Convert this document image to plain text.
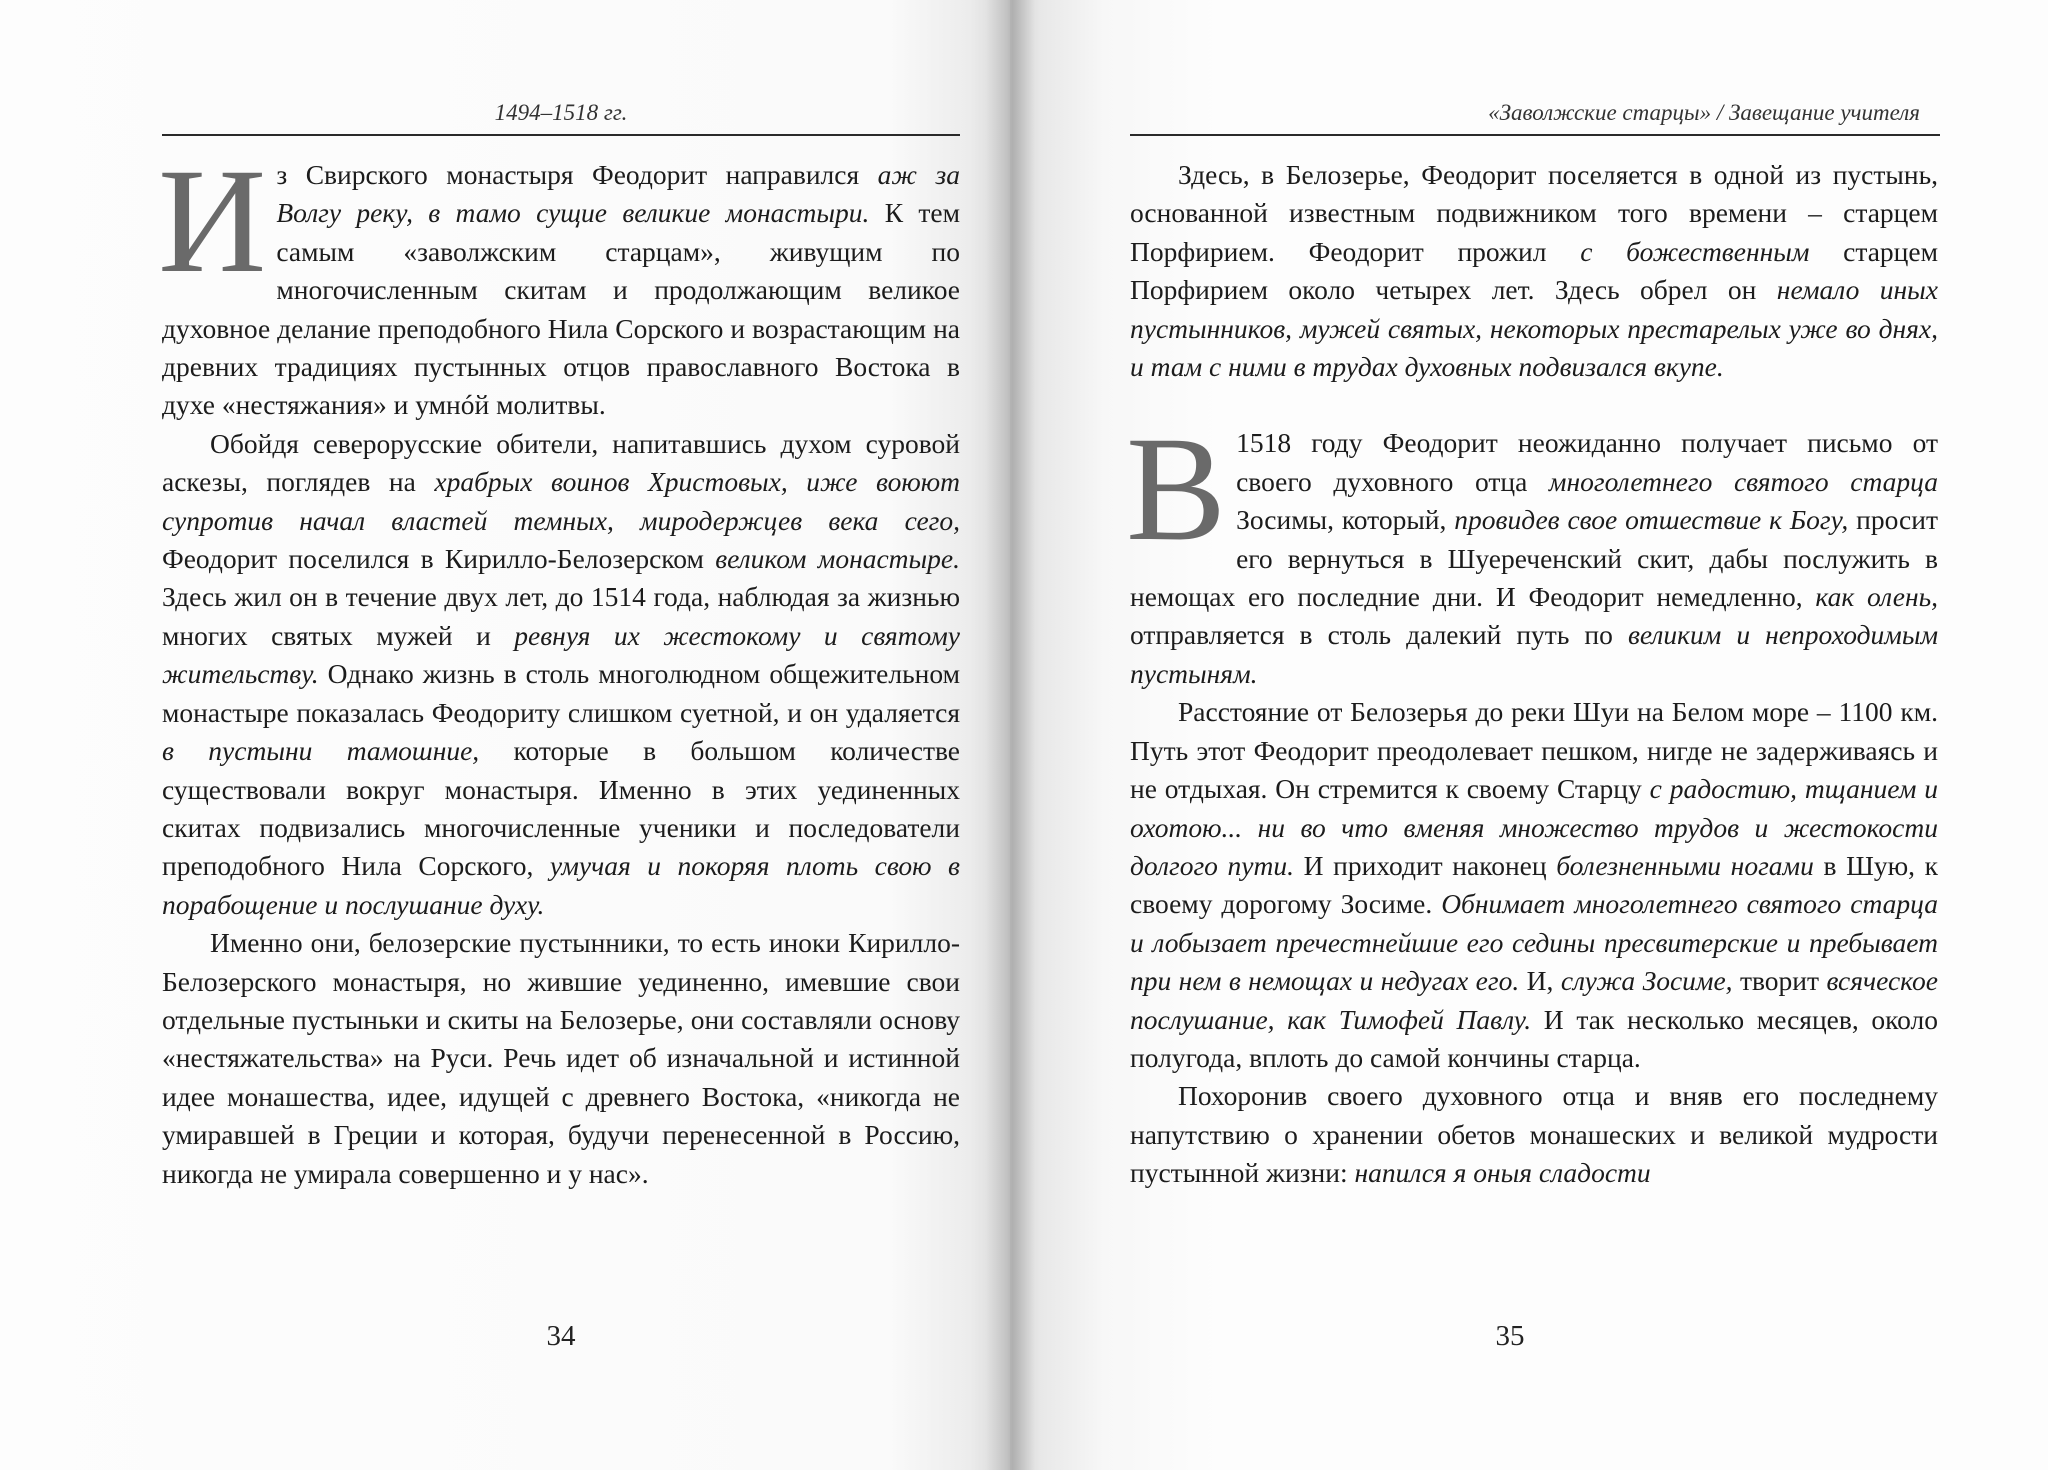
1494–1518 гг.

Из Свирского монастыря Феодорит направился аж за Волгу реку, в тамо сущие великие монастыри. К тем самым «заволжским старцам», живущим по многочисленным скитам и продолжающим великое духовное делание преподобного Нила Сорского и возрастающим на древних традициях пустынных отцов православного Востока в духе «нестяжания» и умнóй молитвы.

Обойдя северорусские обители, напитавшись духом суровой аскезы, поглядев на храбрых воинов Христовых, иже воюют супротив начал властей темных, миродержцев века сего, Феодорит поселился в Кирилло-Белозерском великом монастыре. Здесь жил он в течение двух лет, до 1514 года, наблюдая за жизнью многих святых мужей и ревнуя их жестокому и святому жительству. Однако жизнь в столь многолюдном общежительном монастыре показалась Феодориту слишком суетной, и он удаляется в пустыни тамошние, которые в большом количестве существовали вокруг монастыря. Именно в этих уединенных скитах подвизались многочисленные ученики и последователи преподобного Нила Сорского, умучая и покоряя плоть свою в порабощение и послушание духу.

Именно они, белозерские пустынники, то есть иноки Кирилло-Белозерского монастыря, но жившие уединенно, имевшие свои отдельные пустыньки и скиты на Белозерье, они составляли основу «нестяжательства» на Руси. Речь идет об изначальной и истинной идее монашества, идее, идущей с древнего Востока, «никогда не умиравшей в Греции и которая, будучи перенесенной в Россию, никогда не умирала совершенно и у нас».

34
«Заволжские старцы» / Завещание учителя

Здесь, в Белозерье, Феодорит поселяется в одной из пустынь, основанной известным подвижником того времени – старцем Порфирием. Феодорит прожил с божественным старцем Порфирием около четырех лет. Здесь обрел он немало иных пустынников, мужей святых, некоторых престарелых уже во днях, и там с ними в трудах духовных подвизался вкупе.

В 1518 году Феодорит неожиданно получает письмо от своего духовного отца многолетнего святого старца Зосимы, который, провидев свое отшествие к Богу, просит его вернуться в Шуереченский скит, дабы послужить в немощах его последние дни. И Феодорит немедленно, как олень, отправляется в столь далекий путь по великим и непроходимым пустыням.

Расстояние от Белозерья до реки Шуи на Белом море – 1100 км. Путь этот Феодорит преодолевает пешком, нигде не задерживаясь и не отдыхая. Он стремится к своему Старцу с радостию, тщанием и охотою... ни во что вменяя множество трудов и жестокости долгого пути. И приходит наконец болезненными ногами в Шую, к своему дорогому Зосиме. Обнимает многолетнего святого старца и лобызает пречестнейшие его седины пресвитерские и пребывает при нем в немощах и недугах его. И, служа Зосиме, творит всяческое послушание, как Тимофей Павлу. И так несколько месяцев, около полугода, вплоть до самой кончины старца.

Похоронив своего духовного отца и вняв его последнему напутствию о хранении обетов монашеских и великой мудрости пустынной жизни: напился я оныя сладости

35
